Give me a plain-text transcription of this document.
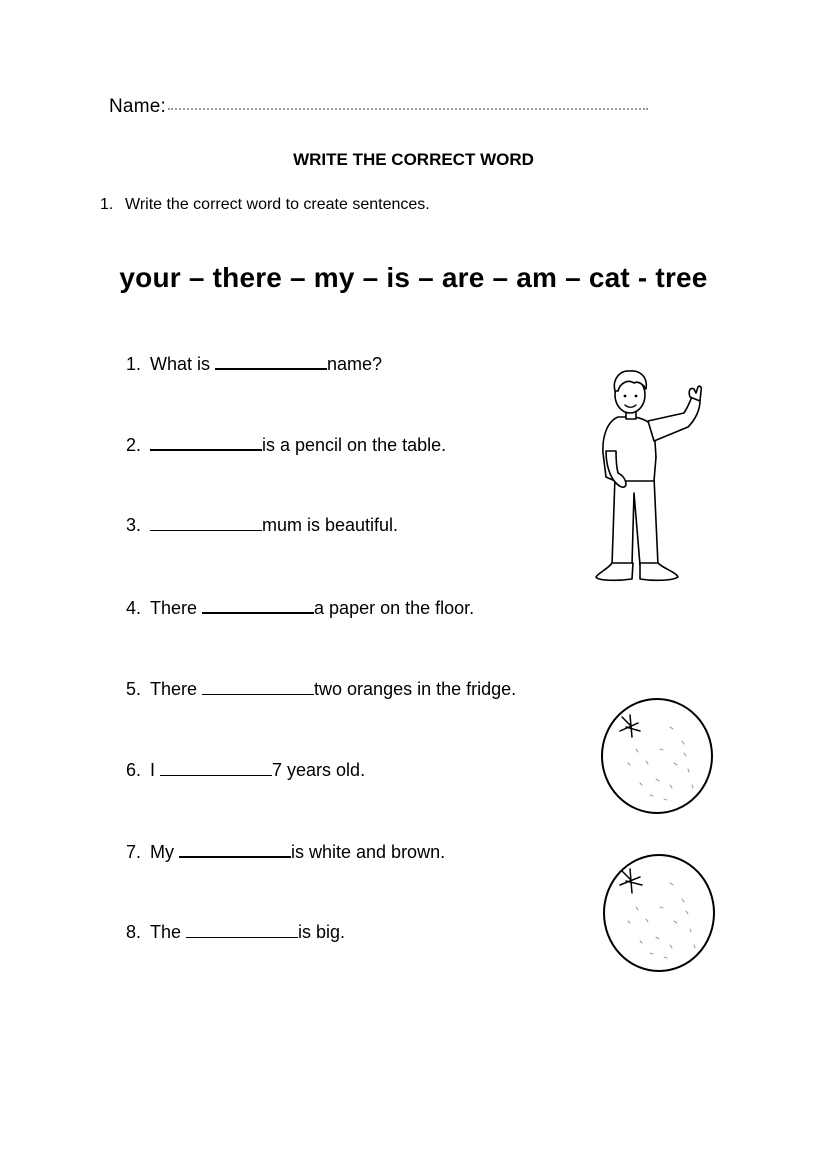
Name:
WRITE THE CORRECT WORD
1. Write the correct word to create sentences.
your – there – my – is – are – am – cat - tree
1. What is	name?
2.	is a pencil on the table.
3.	mum is beautiful.
4. There	a paper on the floor.
5. There	two oranges in the fridge.
6. I	7 years old.
7. My	is white and brown.
8. The	is big.
